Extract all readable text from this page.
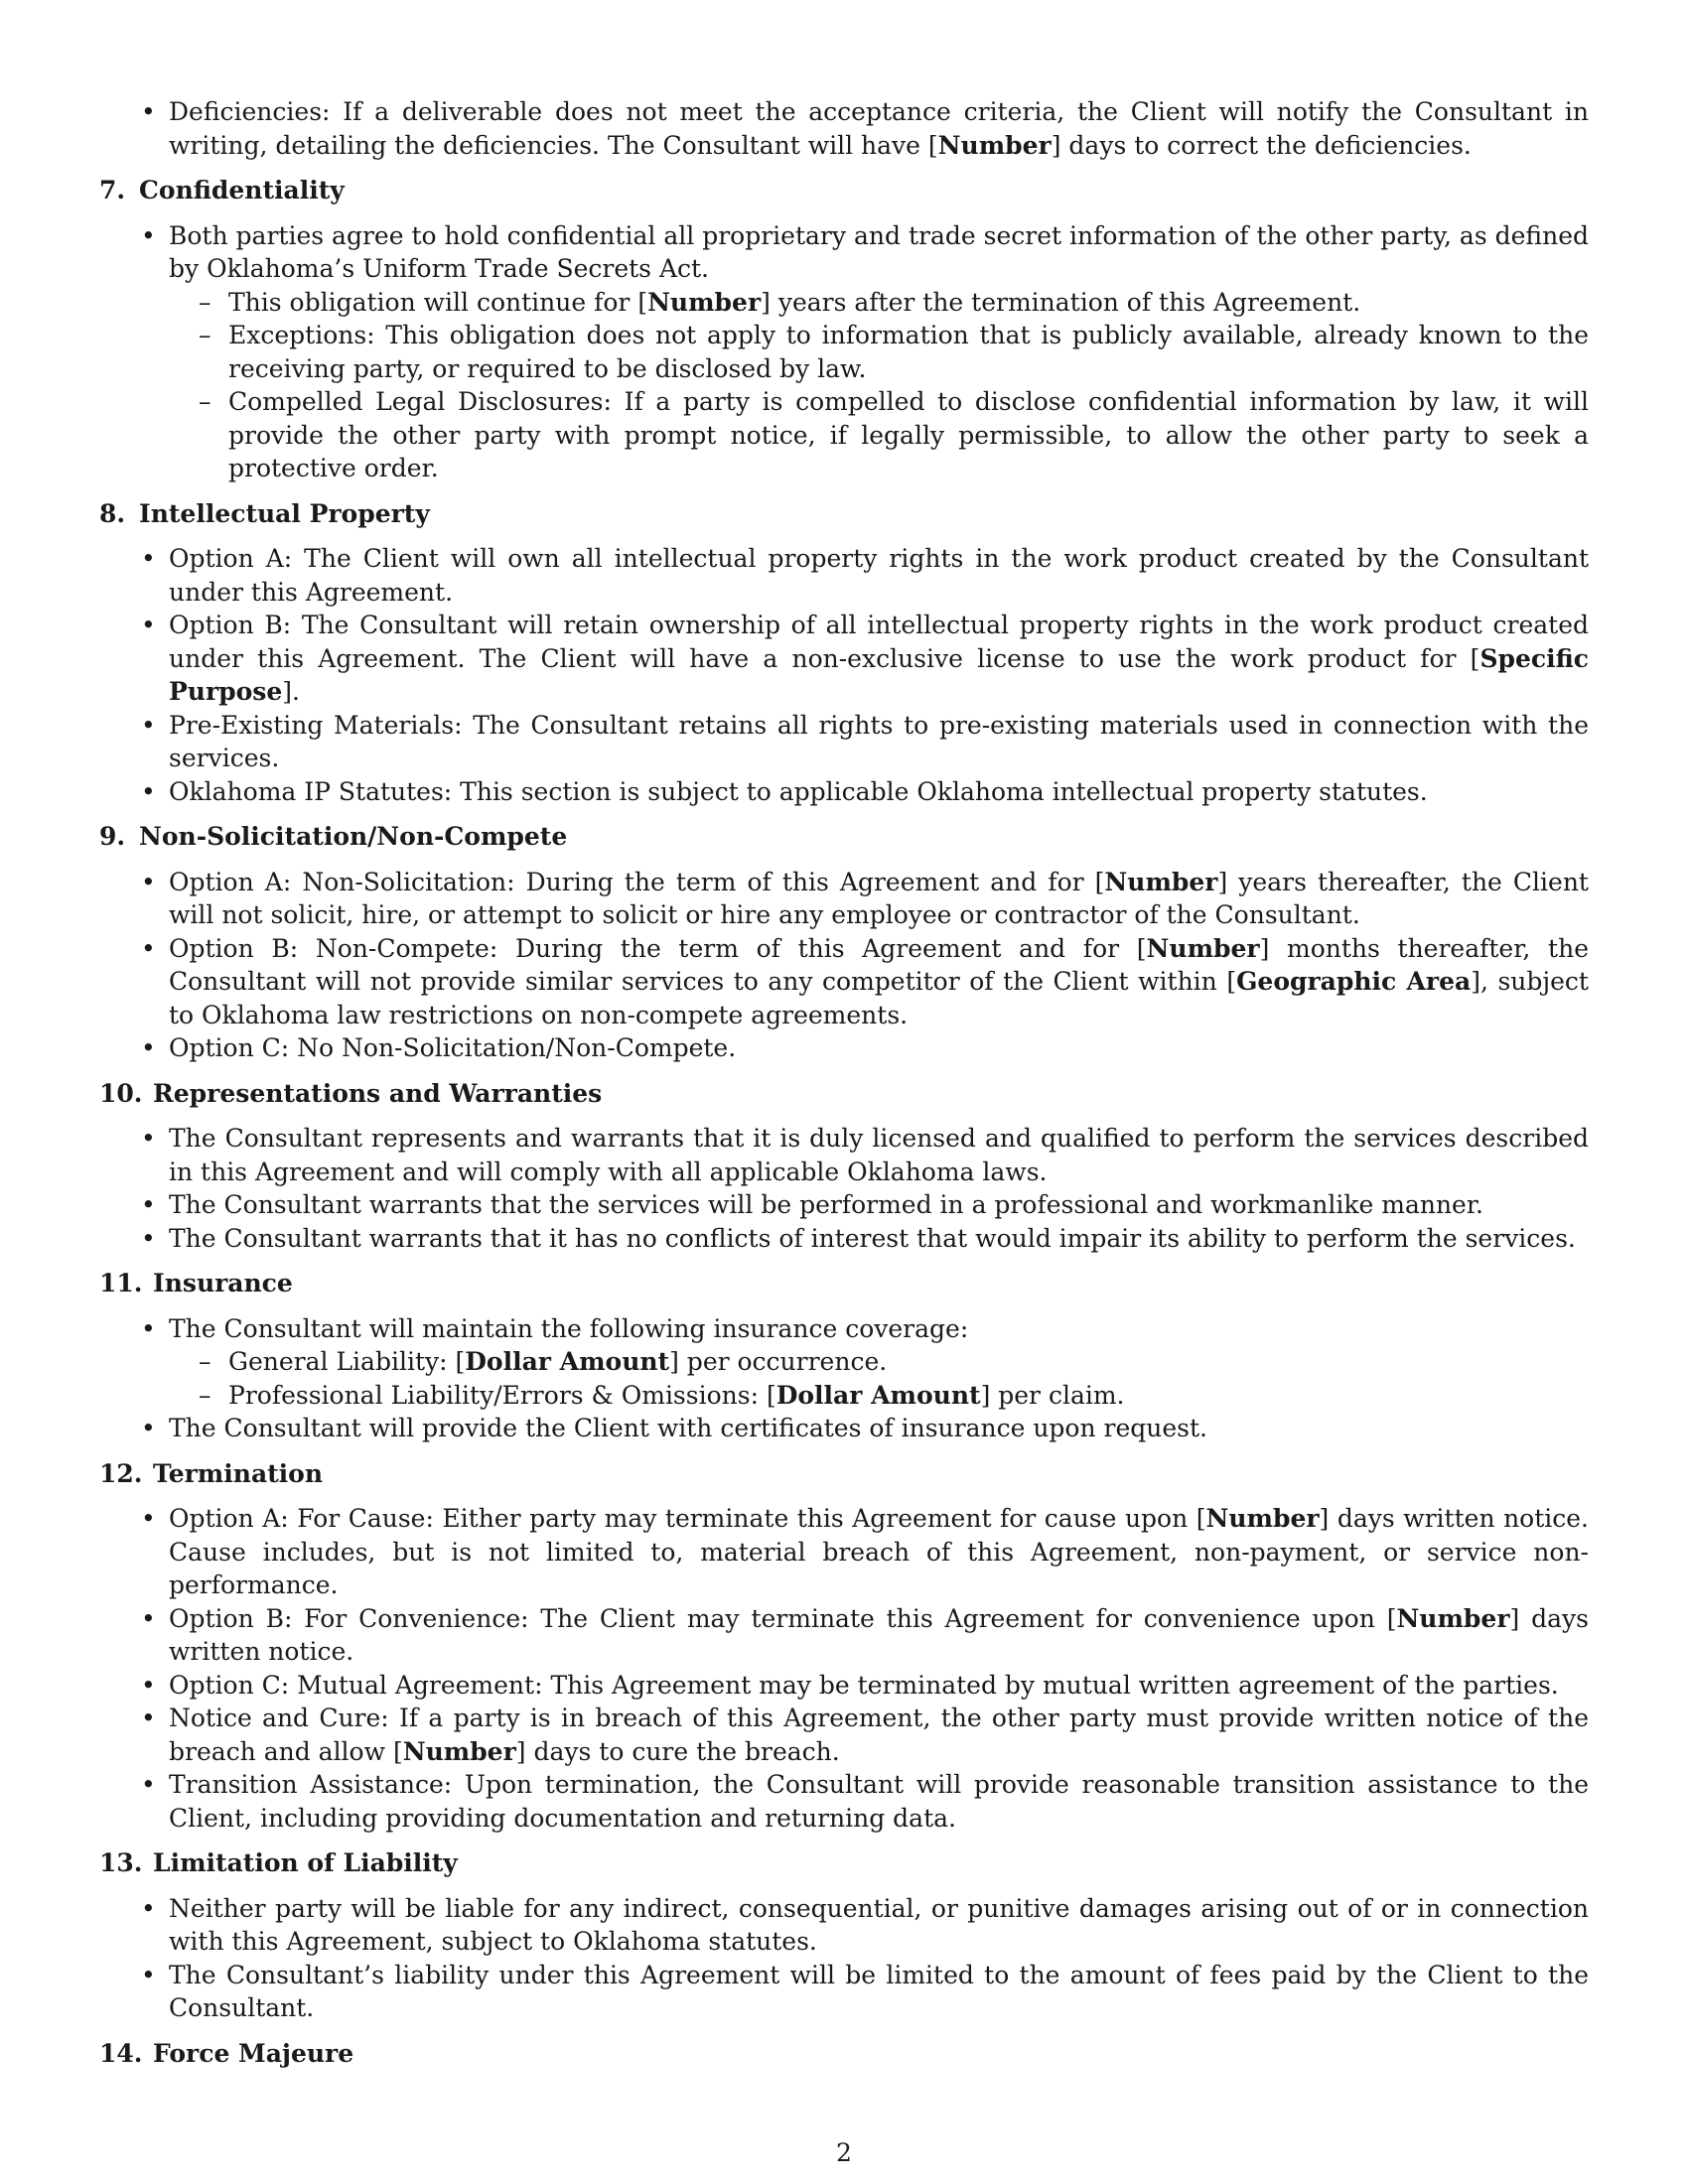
• Deficiencies: If a deliverable does not meet the acceptance criteria, the Client will notify the Consultant in writing, detailing the deficiencies. The Consultant will have [Number] days to correct the deficiencies.
7. Confidentiality
• Both parties agree to hold confidential all proprietary and trade secret information of the other party, as defined by Oklahoma’s Uniform Trade Secrets Act.
– This obligation will continue for [Number] years after the termination of this Agreement.
– Exceptions: This obligation does not apply to information that is publicly available, already known to the receiving party, or required to be disclosed by law.
– Compelled Legal Disclosures: If a party is compelled to disclose confidential information by law, it will provide the other party with prompt notice, if legally permissible, to allow the other party to seek a protective order.
8. Intellectual Property
• Option A: The Client will own all intellectual property rights in the work product created by the Consultant under this Agreement.
• Option B: The Consultant will retain ownership of all intellectual property rights in the work product created under this Agreement. The Client will have a non-exclusive license to use the work product for [Specific Purpose].
• Pre-Existing Materials: The Consultant retains all rights to pre-existing materials used in connection with the services.
• Oklahoma IP Statutes: This section is subject to applicable Oklahoma intellectual property statutes.
9. Non-Solicitation/Non-Compete
• Option A: Non-Solicitation: During the term of this Agreement and for [Number] years thereafter, the Client will not solicit, hire, or attempt to solicit or hire any employee or contractor of the Consultant.
• Option B: Non-Compete: During the term of this Agreement and for [Number] months thereafter, the Consultant will not provide similar services to any competitor of the Client within [Geographic Area], subject to Oklahoma law restrictions on non-compete agreements.
• Option C: No Non-Solicitation/Non-Compete.
10. Representations and Warranties
• The Consultant represents and warrants that it is duly licensed and qualified to perform the services described in this Agreement and will comply with all applicable Oklahoma laws.
• The Consultant warrants that the services will be performed in a professional and workmanlike manner.
• The Consultant warrants that it has no conflicts of interest that would impair its ability to perform the services.
11. Insurance
• The Consultant will maintain the following insurance coverage:
– General Liability: [Dollar Amount] per occurrence.
– Professional Liability/Errors & Omissions: [Dollar Amount] per claim.
• The Consultant will provide the Client with certificates of insurance upon request.
12. Termination
• Option A: For Cause: Either party may terminate this Agreement for cause upon [Number] days written notice. Cause includes, but is not limited to, material breach of this Agreement, non-payment, or service non-performance.
• Option B: For Convenience: The Client may terminate this Agreement for convenience upon [Number] days written notice.
• Option C: Mutual Agreement: This Agreement may be terminated by mutual written agreement of the parties.
• Notice and Cure: If a party is in breach of this Agreement, the other party must provide written notice of the breach and allow [Number] days to cure the breach.
• Transition Assistance: Upon termination, the Consultant will provide reasonable transition assistance to the Client, including providing documentation and returning data.
13. Limitation of Liability
• Neither party will be liable for any indirect, consequential, or punitive damages arising out of or in connection with this Agreement, subject to Oklahoma statutes.
• The Consultant’s liability under this Agreement will be limited to the amount of fees paid by the Client to the Consultant.
14. Force Majeure
2
